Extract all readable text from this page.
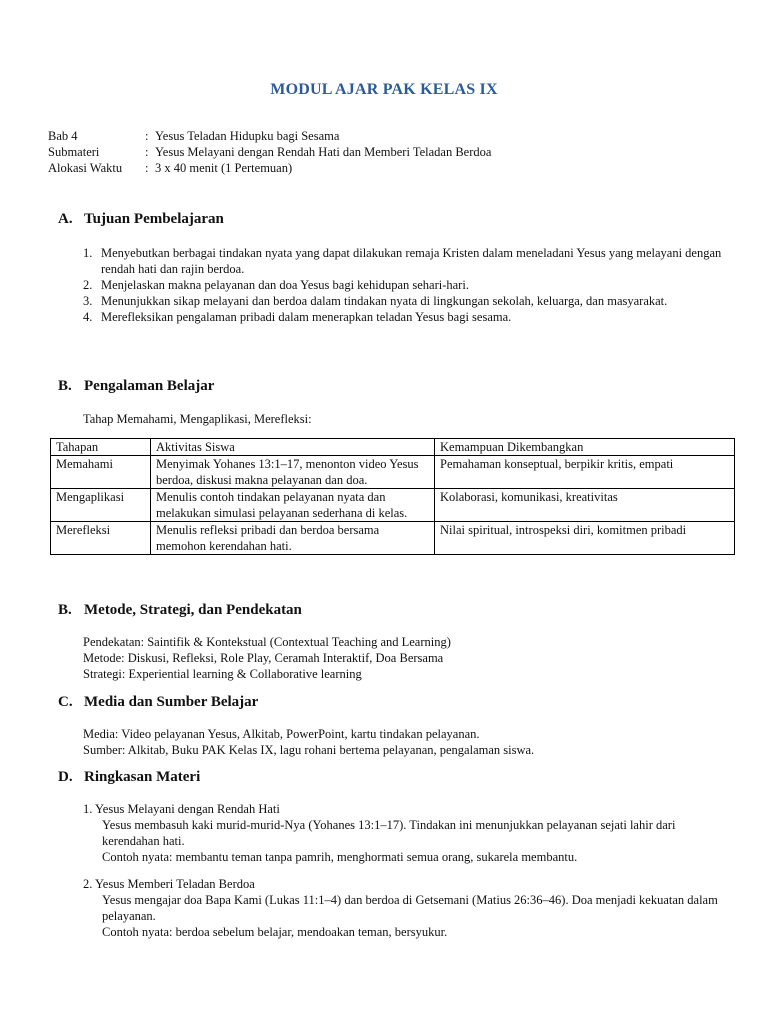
MODUL AJAR PAK KELAS IX
Bab 4	: Yesus Teladan Hidupku bagi Sesama
Submateri	: Yesus Melayani dengan Rendah Hati dan Memberi Teladan Berdoa
Alokasi Waktu	: 3 x 40 menit (1 Pertemuan)
A. Tujuan Pembelajaran
1. Menyebutkan berbagai tindakan nyata yang dapat dilakukan remaja Kristen dalam meneladani Yesus yang melayani dengan rendah hati dan rajin berdoa.
2. Menjelaskan makna pelayanan dan doa Yesus bagi kehidupan sehari-hari.
3. Menunjukkan sikap melayani dan berdoa dalam tindakan nyata di lingkungan sekolah, keluarga, dan masyarakat.
4. Merefleksikan pengalaman pribadi dalam menerapkan teladan Yesus bagi sesama.
B. Pengalaman Belajar
Tahap Memahami, Mengaplikasi, Merefleksi:
Tahapan	Aktivitas Siswa	Kemampuan Dikembangkan
Memahami	Menyimak Yohanes 13:1–17, menonton video Yesus berdoa, diskusi makna pelayanan dan doa.	Pemahaman konseptual, berpikir kritis, empati
Mengaplikasi	Menulis contoh tindakan pelayanan nyata dan melakukan simulasi pelayanan sederhana di kelas.	Kolaborasi, komunikasi, kreativitas
Merefleksi	Menulis refleksi pribadi dan berdoa bersama memohon kerendahan hati.	Nilai spiritual, introspeksi diri, komitmen pribadi
B. Metode, Strategi, dan Pendekatan
Pendekatan: Saintifik & Kontekstual (Contextual Teaching and Learning)
Metode: Diskusi, Refleksi, Role Play, Ceramah Interaktif, Doa Bersama
Strategi: Experiential learning & Collaborative learning
C. Media dan Sumber Belajar
Media: Video pelayanan Yesus, Alkitab, PowerPoint, kartu tindakan pelayanan.
Sumber: Alkitab, Buku PAK Kelas IX, lagu rohani bertema pelayanan, pengalaman siswa.
D. Ringkasan Materi
1. Yesus Melayani dengan Rendah Hati
Yesus membasuh kaki murid-murid-Nya (Yohanes 13:1–17). Tindakan ini menunjukkan pelayanan sejati lahir dari kerendahan hati.
Contoh nyata: membantu teman tanpa pamrih, menghormati semua orang, sukarela membantu.
2. Yesus Memberi Teladan Berdoa
Yesus mengajar doa Bapa Kami (Lukas 11:1–4) dan berdoa di Getsemani (Matius 26:36–46). Doa menjadi kekuatan dalam pelayanan.
Contoh nyata: berdoa sebelum belajar, mendoakan teman, bersyukur.
